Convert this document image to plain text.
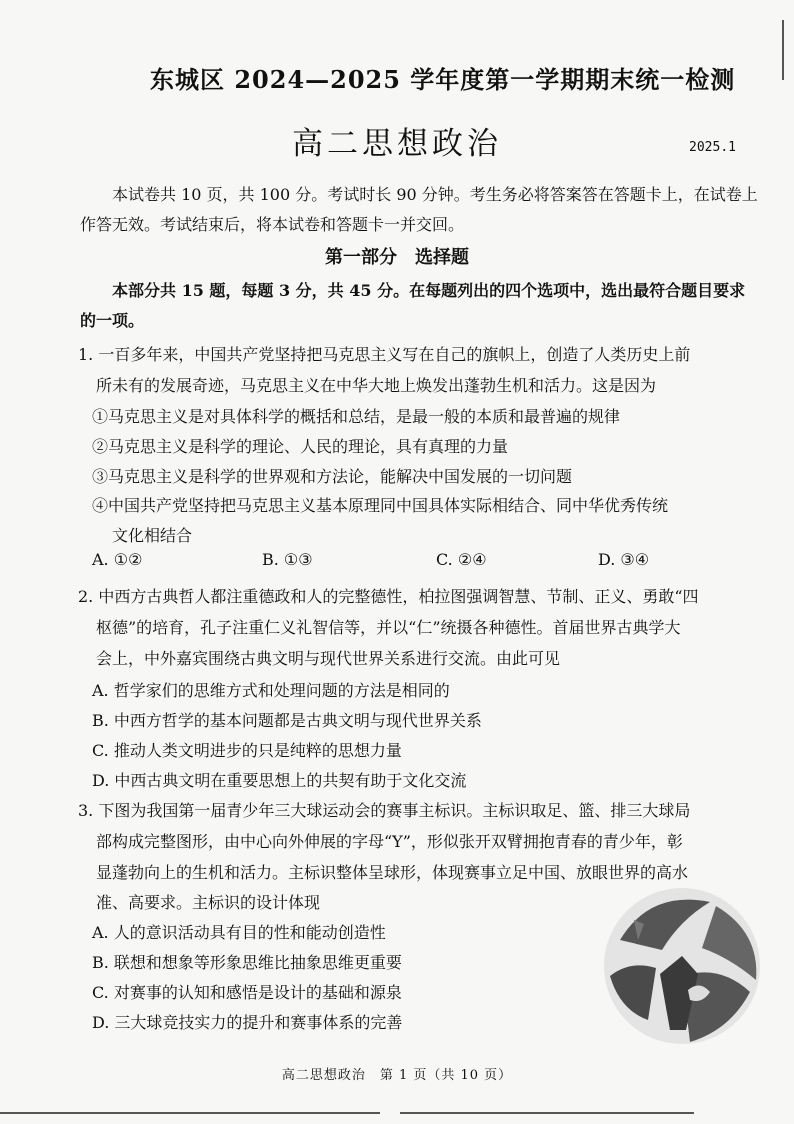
东城区 2024—2025 学年度第一学期期末统一检测
高二思想政治	2025.1
本试卷共 10 页，共 100 分。考试时长 90 分钟。考生务必将答案答在答题卡上，在试卷上作答无效。考试结束后，将本试卷和答题卡一并交回。
第一部分　选择题
本部分共 15 题，每题 3 分，共 45 分。在每题列出的四个选项中，选出最符合题目要求的一项。
1. 一百多年来，中国共产党坚持把马克思主义写在自己的旗帜上，创造了人类历史上前
所未有的发展奇迹，马克思主义在中华大地上焕发出蓬勃生机和活力。这是因为
①马克思主义是对具体科学的概括和总结，是最一般的本质和最普遍的规律
②马克思主义是科学的理论、人民的理论，具有真理的力量
③马克思主义是科学的世界观和方法论，能解决中国发展的一切问题
④中国共产党坚持把马克思主义基本原理同中国具体实际相结合、同中华优秀传统
文化相结合
A. ①②	B. ①③	C. ②④	D. ③④
2. 中西方古典哲人都注重德政和人的完整德性，柏拉图强调智慧、节制、正义、勇敢“四
枢德”的培育，孔子注重仁义礼智信等，并以“仁”统摄各种德性。首届世界古典学大
会上，中外嘉宾围绕古典文明与现代世界关系进行交流。由此可见
A. 哲学家们的思维方式和处理问题的方法是相同的
B. 中西方哲学的基本问题都是古典文明与现代世界关系
C. 推动人类文明进步的只是纯粹的思想力量
D. 中西古典文明在重要思想上的共契有助于文化交流
3. 下图为我国第一届青少年三大球运动会的赛事主标识。主标识取足、篮、排三大球局
部构成完整图形，由中心向外伸展的字母“Y”，形似张开双臂拥抱青春的青少年，彰
显蓬勃向上的生机和活力。主标识整体呈球形，体现赛事立足中国、放眼世界的高水
准、高要求。主标识的设计体现
A. 人的意识活动具有目的性和能动创造性
B. 联想和想象等形象思维比抽象思维更重要
C. 对赛事的认知和感悟是设计的基础和源泉
D. 三大球竞技实力的提升和赛事体系的完善
高二思想政治　第 1 页（共 10 页）
